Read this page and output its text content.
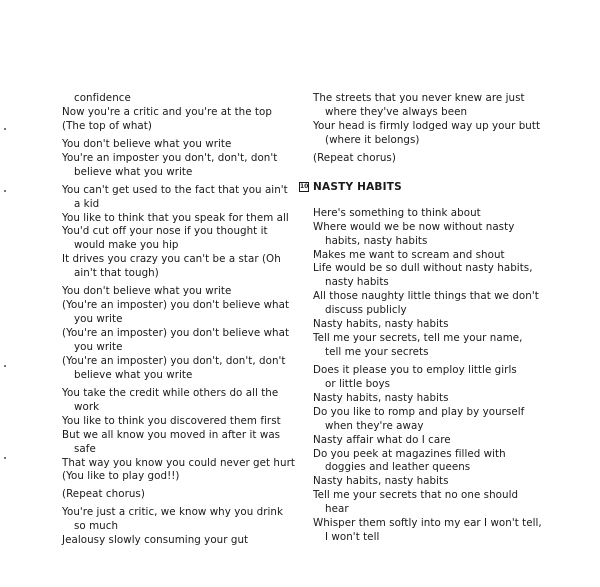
confidence
Now you're a critic and you're at the top
(The top of what)
You don't believe what you write
You're an imposter you don't, don't, don't
believe what you write
You can't get used to the fact that you ain't
a kid
You like to think that you speak for them all
You'd cut off your nose if you thought it
would make you hip
It drives you crazy you can't be a star (Oh
ain't that tough)
You don't believe what you write
(You're an imposter) you don't believe what
you write
(You're an imposter) you don't believe what
you write
(You're an imposter) you don't, don't, don't
believe what you write
You take the credit while others do all the
work
You like to think you discovered them first
But we all know you moved in after it was
safe
That way you know you could never get hurt
(You like to play god!!)
(Repeat chorus)
You're just a critic, we know why you drink
so much
Jealousy slowly consuming your gut
The streets that you never knew are just
where they've always been
Your head is firmly lodged way up your butt
(where it belongs)
(Repeat chorus)
10 NASTY HABITS
Here's something to think about
Where would we be now without nasty
habits, nasty habits
Makes me want to scream and shout
Life would be so dull without nasty habits,
nasty habits
All those naughty little things that we don't
discuss publicly
Nasty habits, nasty habits
Tell me your secrets, tell me your name,
tell me your secrets
Does it please you to employ little girls
or little boys
Nasty habits, nasty habits
Do you like to romp and play by yourself
when they're away
Nasty affair what do I care
Do you peek at magazines filled with
doggies and leather queens
Nasty habits, nasty habits
Tell me your secrets that no one should
hear
Whisper them softly into my ear I won't tell,
I won't tell
